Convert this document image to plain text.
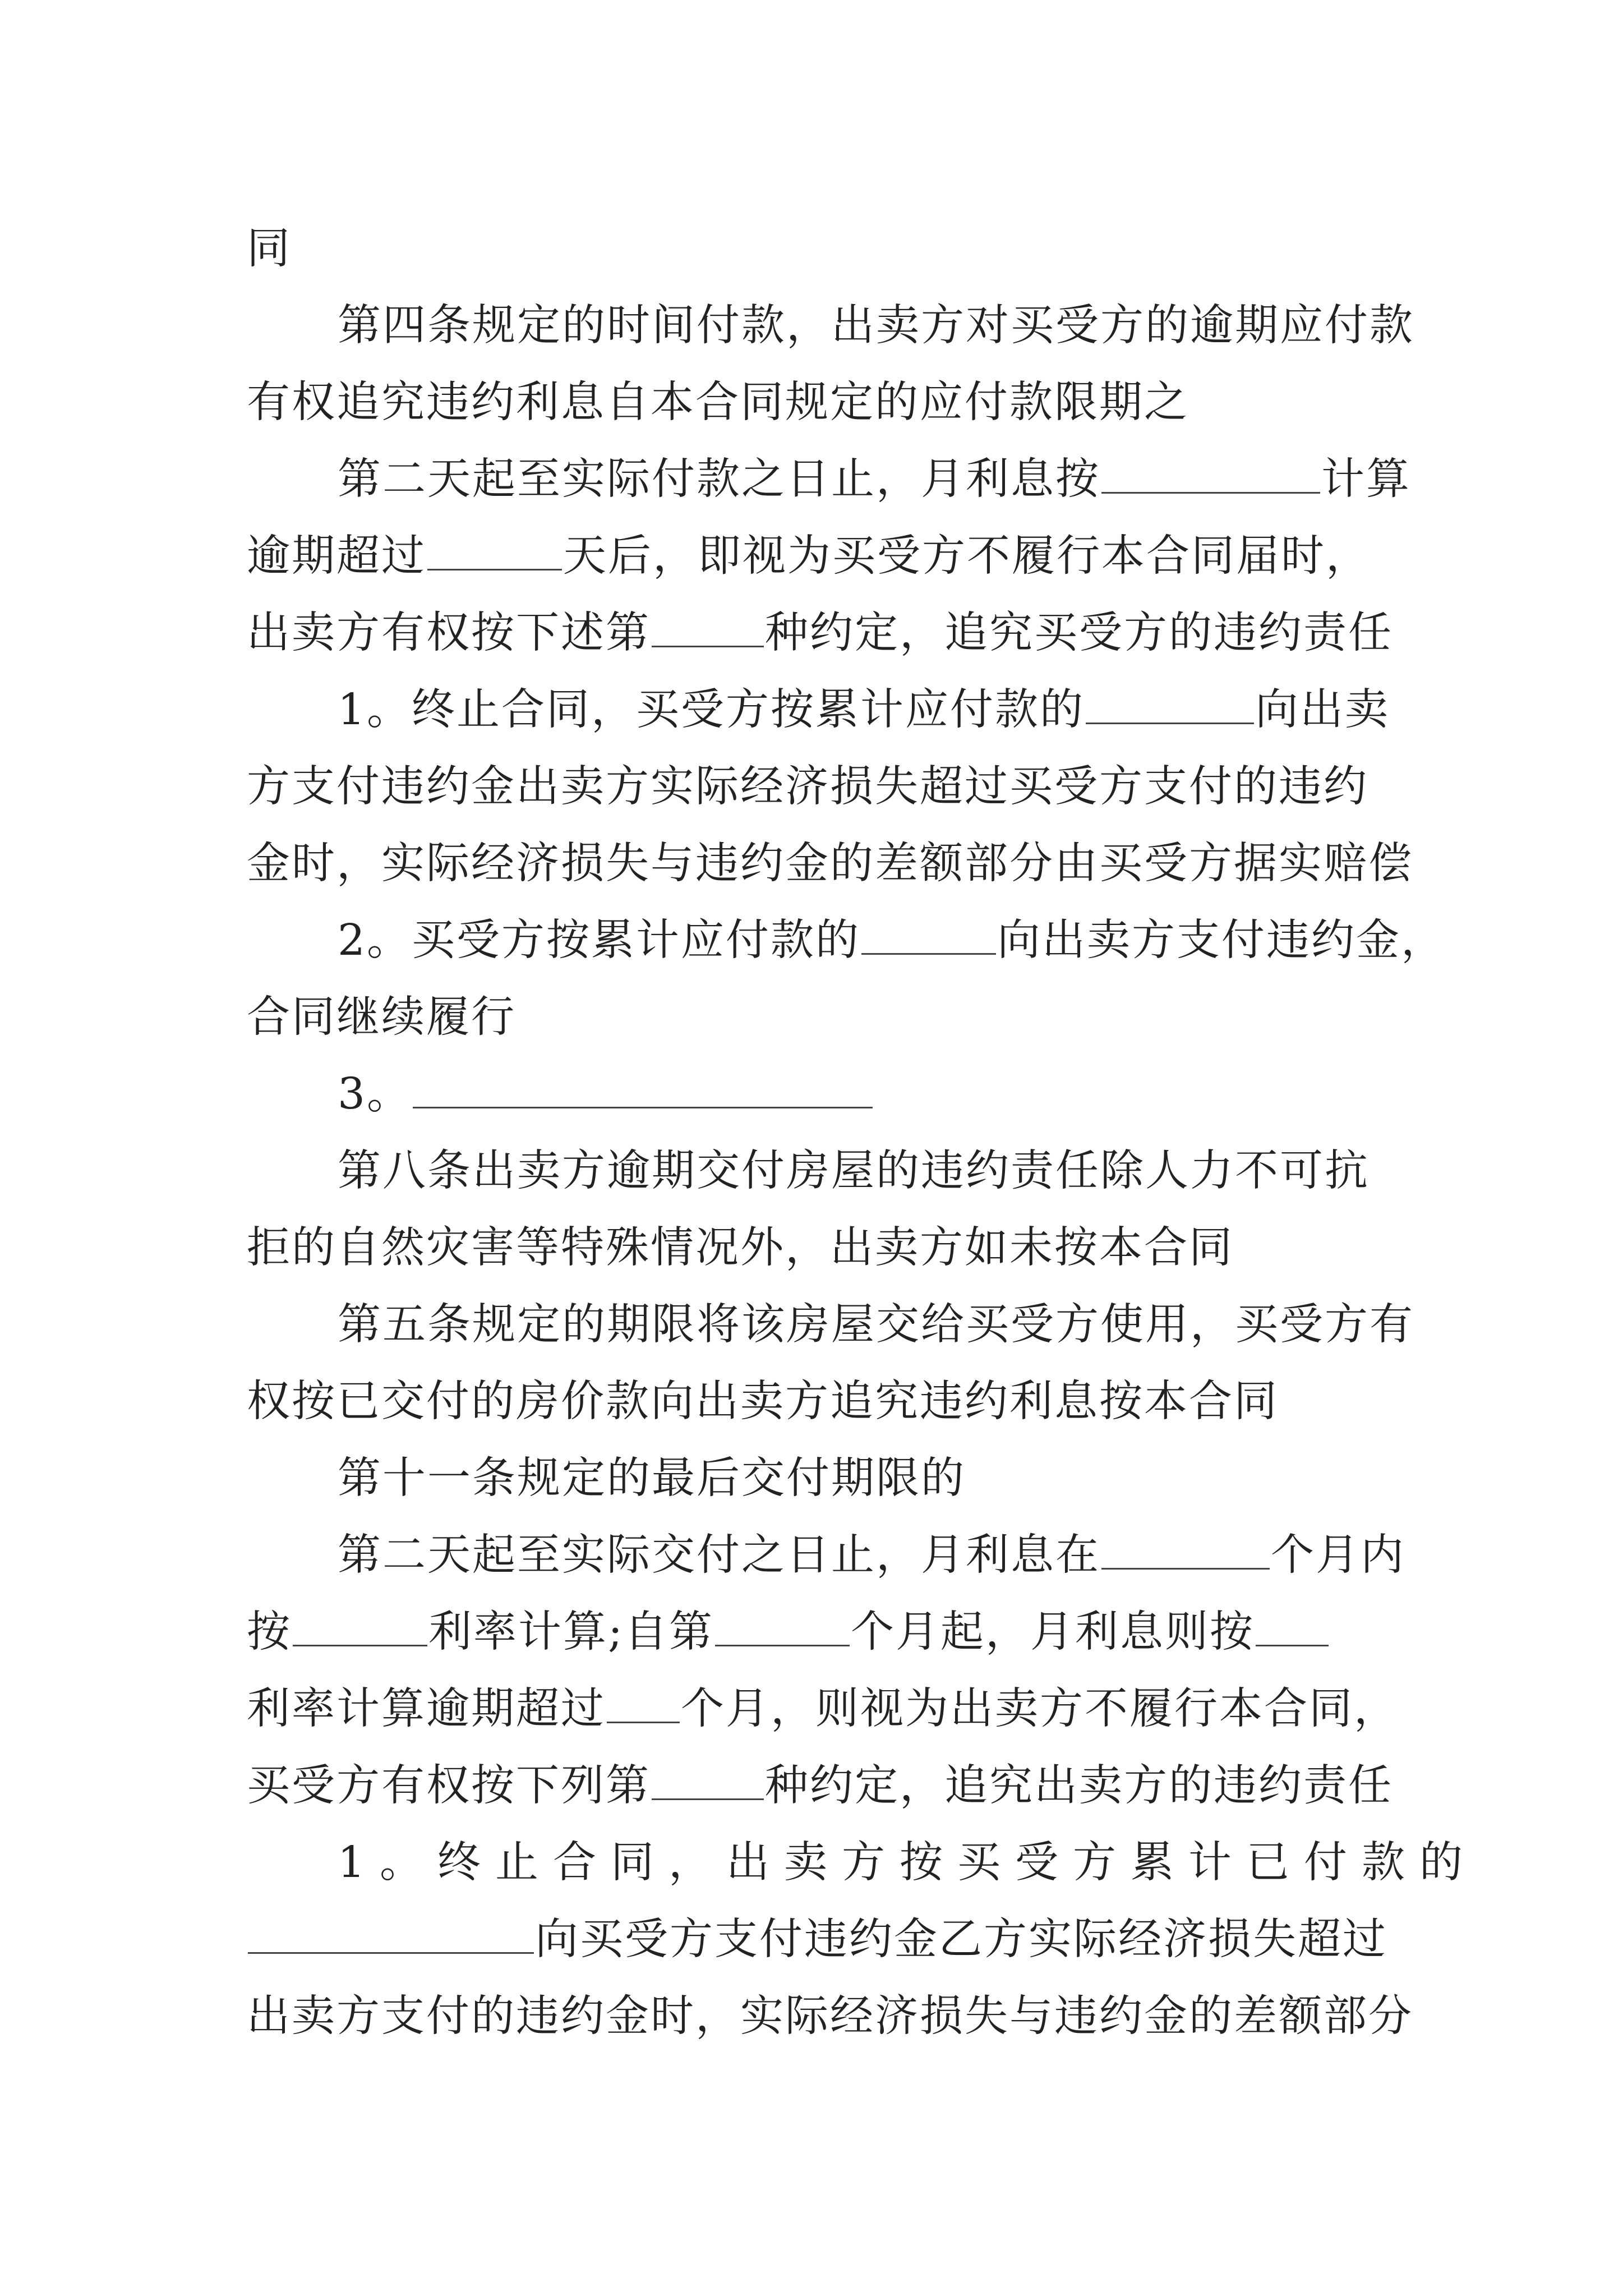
同
第四条规定的时间付款，出卖方对买受方的逾期应付款
有权追究违约利息自本合同规定的应付款限期之
第二天起至实际付款之日止，月利息按	计算
逾期超过	天后，即视为买受方不履行本合同届时，
出卖方有权按下述第	种约定，追究买受方的违约责任
1。终止合同，买受方按累计应付款的	向出卖
方支付违约金出卖方实际经济损失超过买受方支付的违约
金时，实际经济损失与违约金的差额部分由买受方据实赔偿
2。买受方按累计应付款的	向出卖方支付违约金，
合同继续履行
3。
第八条出卖方逾期交付房屋的违约责任除人力不可抗
拒的自然灾害等特殊情况外，出卖方如未按本合同
第五条规定的期限将该房屋交给买受方使用，买受方有
权按已交付的房价款向出卖方追究违约利息按本合同
第十一条规定的最后交付期限的
第二天起至实际交付之日止，月利息在	个月内
按	利率计算;自第	个月起，月利息则按
利率计算逾期超过 个月，则视为出卖方不履行本合同，
买受方有权按下列第	种约定，追究出卖方的违约责任
1。终止合同，出卖方按买受方累计已付款的
向买受方支付违约金乙方实际经济损失超过
出卖方支付的违约金时，实际经济损失与违约金的差额部分
